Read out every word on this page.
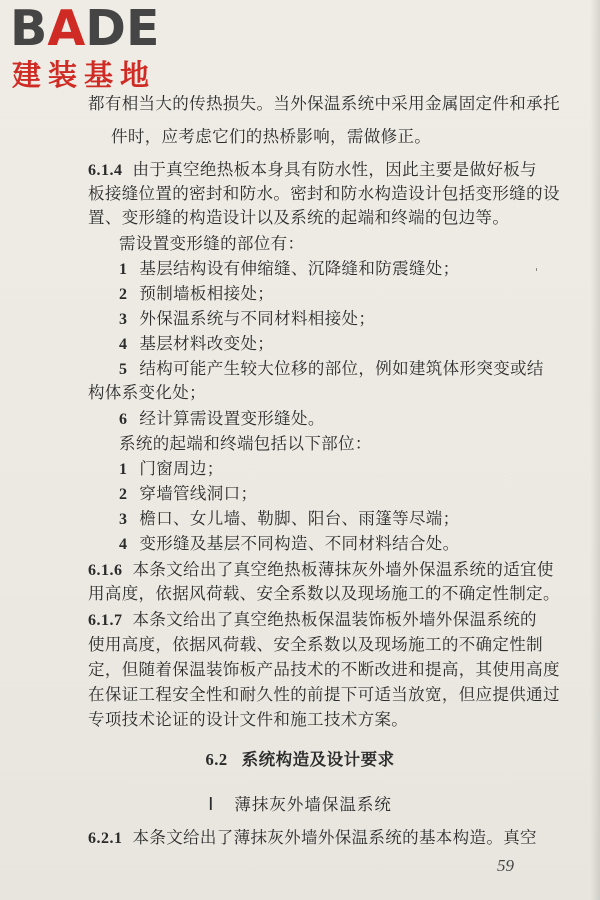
BADE
建装基地
都有相当大的传热损失。当外保温系统中采用金属固定件和承托
件时，应考虑它们的热桥影响，需做修正。
6.1.4 由于真空绝热板本身具有防水性，因此主要是做好板与
板接缝位置的密封和防水。密封和防水构造设计包括变形缝的设
置、变形缝的构造设计以及系统的起端和终端的包边等。
需设置变形缝的部位有：
1 基层结构设有伸缩缝、沉降缝和防震缝处；
2 预制墙板相接处；
3 外保温系统与不同材料相接处；
4 基层材料改变处；
5 结构可能产生较大位移的部位，例如建筑体形突变或结
构体系变化处；
6 经计算需设置变形缝处。
系统的起端和终端包括以下部位：
1 门窗周边；
2 穿墙管线洞口；
3 檐口、女儿墙、勒脚、阳台、雨篷等尽端；
4 变形缝及基层不同构造、不同材料结合处。
6.1.6 本条文给出了真空绝热板薄抹灰外墙外保温系统的适宜使
用高度，依据风荷载、安全系数以及现场施工的不确定性制定。
6.1.7 本条文给出了真空绝热板保温装饰板外墙外保温系统的
使用高度，依据风荷载、安全系数以及现场施工的不确定性制
定，但随着保温装饰板产品技术的不断改进和提高，其使用高度
在保证工程安全性和耐久性的前提下可适当放宽，但应提供通过
专项技术论证的设计文件和施工技术方案。
6.2 系统构造及设计要求
Ⅰ 薄抹灰外墙保温系统
6.2.1 本条文给出了薄抹灰外墙外保温系统的基本构造。真空
59
